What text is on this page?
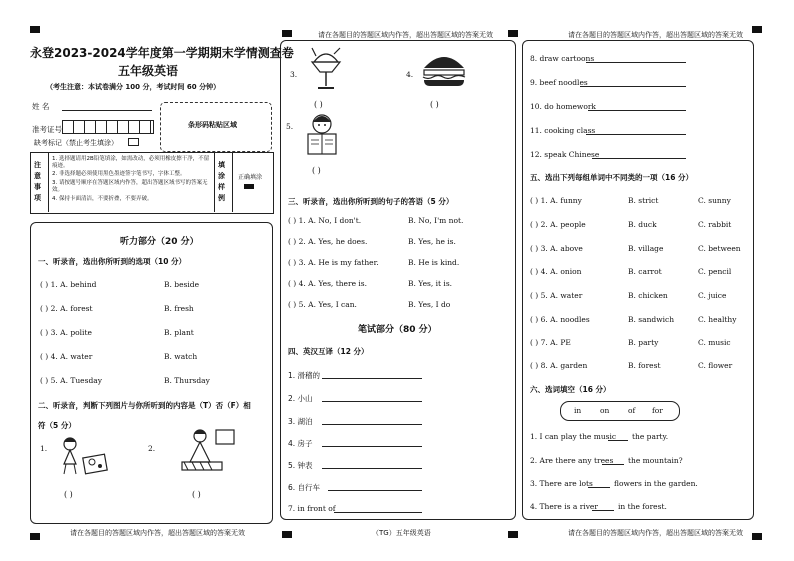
请在各题目的答题区域内作答，超出答题区域的答案无效	请在各题目的答题区域内作答，超出答题区域的答案无效
永登2023-2024学年度第一学期期末学情测查卷
五年级英语
（考生注意：本试卷满分 100 分，考试时间 60 分钟）
姓 名
准考证号
缺考标记（禁止考生填涂）
条形码粘贴区域
注意事项
1. 选择题请用2B铅笔填涂，如需改动，必须用橡皮擦干净，不留痕迹。
2. 非选择题必须使用黑色墨迹签字笔书写，字体工整。
3. 请按题号顺序在答题区域内作答，超出答题区域书写的答案无效。
4. 保持卡面清洁，不要折叠，不要弄破。
填涂样例
正确填涂
听力部分（20 分）
一、听录音，选出你所听到的选项（10 分）
( ) 1. A. behind	B. beside
( ) 2. A. forest	B. fresh
( ) 3. A. polite	B. plant
( ) 4. A. water	B. watch
( ) 5. A. Tuesday	B. Thursday
二、听录音，判断下列图片与你所听到的内容是（T）否（F）相
符（5 分）
1.
( )
2.
( )
请在各题目的答题区域内作答，超出答题区域的答案无效	请在各题目的答题区域内作答，超出答题区域的答案无效
（TG）五年级英语
3.
( )
4.
( )
5.
( )
三、听录音，选出你所听到的句子的答语（5 分）
( ) 1. A. No, I don't.	B. No, I'm not.
( ) 2. A. Yes, he does.	B. Yes, he is.
( ) 3. A. He is my father.	B. He is kind.
( ) 4. A. Yes, there is.	B. Yes, it is.
( ) 5. A. Yes, I can.	B. Yes, I do
笔试部分（80 分）
四、英汉互译（12 分）
1. 滑稽的
2. 小山
3. 湖泊
4. 房子
5. 钟表
6. 自行车
7. in front of
8. draw cartoons
9. beef noodles
10. do homework
11. cooking class
12. speak Chinese
五、选出下列每组单词中不同类的一项（16 分）
( ) 1. A. funny	B. strict	C. sunny
( ) 2. A. people	B. duck	C. rabbit
( ) 3. A. above	B. village	C. between
( ) 4. A. onion	B. carrot	C. pencil
( ) 5. A. water	B. chicken	C. juice
( ) 6. A. noodles	B. sandwich	C. healthy
( ) 7. A. PE	B. party	C. music
( ) 8. A. garden	B. forest	C. flower
六、选词填空（16 分）
in	on of for
1. I can play the music the party.
2. Are there any trees the mountain?
3. There are lots	flowers in the garden.
4. There is a river	in the forest.
